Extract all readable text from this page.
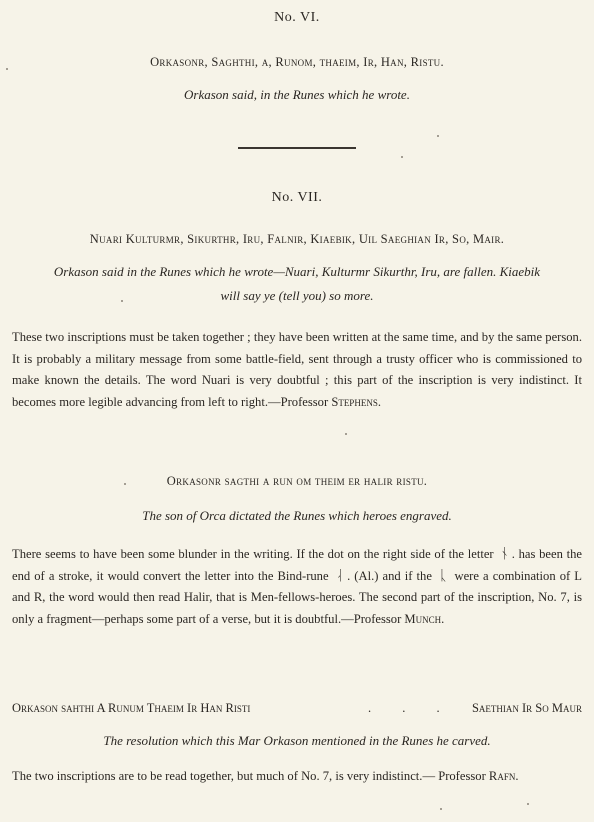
No. VI.
Orkasonr, Saghthi, a, Runom, thaeim, Ir, Han, Ristu.
Orkason said, in the Runes which he wrote.
No. VII.
Nuari Kulturmr, Sikurthr, Iru, Falnir, Kiaebik, Uil Saeghian Ir, So, Mair.
Orkason said in the Runes which he wrote—Nuari, Kulturmr Sikurthr, Iru, are fallen. Kiaebik
will say ye (tell you) so more.

These two inscriptions must be taken together ; they have been written at the same time, and by the same person. It is probably a military message from some battle-field, sent through a trusty officer who is commissioned to make known the details. The word Nuari is very doubtful ; this part of the inscription is very indistinct. It becomes more legible advancing from left to right.—Professor Stephens.

Orkasonr sagthi a run om theim er halir ristu.
The son of Orca dictated the Runes which heroes engraved.

There seems to have been some blunder in the writing. If the dot on the right side of the letter ᚾ . has been the end of a stroke, it would convert the letter into the Bind-rune ᛆ . (Al.) and if the ᚳ were a combination of L and R, the word would then read Halir, that is Men-fellows-heroes. The second part of the inscription, No. 7, is only a fragment—perhaps some part of a verse, but it is doubtful.—Professor Munch.

Orkason sahthi A Runum Thaeim Ir Han Risti	. . . Saethian Ir So Maur
The resolution which this Mar Orkason mentioned in the Runes he carved.

The two inscriptions are to be read together, but much of No. 7, is very indistinct.— Professor Rafn.
